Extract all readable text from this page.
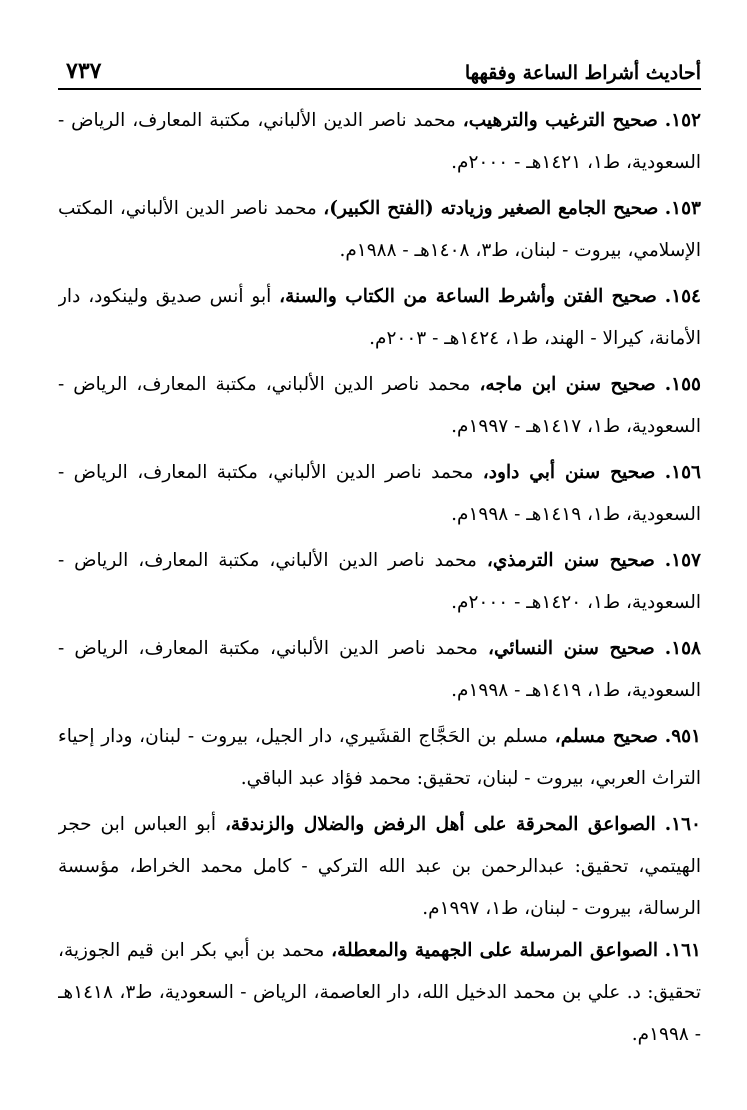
أحاديث أشراط الساعة وفقهها
٧٣٧
١٥٢. صحيح الترغيب والترهيب، محمد ناصر الدين الألباني، مكتبة المعارف، الرياض - السعودية، ط١، ١٤٢١هـ - ٢٠٠٠م.
١٥٣. صحيح الجامع الصغير وزيادته (الفتح الكبير)، محمد ناصر الدين الألباني، المكتب الإسلامي، بيروت - لبنان، ط٣، ١٤٠٨هـ - ١٩٨٨م.
١٥٤. صحيح الفتن وأشرط الساعة من الكتاب والسنة، أبو أنس صديق ولينكود، دار الأمانة، كيرالا - الهند، ط١، ١٤٢٤هـ - ٢٠٠٣م.
١٥٥. صحيح سنن ابن ماجه، محمد ناصر الدين الألباني، مكتبة المعارف، الرياض - السعودية، ط١، ١٤١٧هـ - ١٩٩٧م.
١٥٦. صحيح سنن أبي داود، محمد ناصر الدين الألباني، مكتبة المعارف، الرياض - السعودية، ط١، ١٤١٩هـ - ١٩٩٨م.
١٥٧. صحيح سنن الترمذي، محمد ناصر الدين الألباني، مكتبة المعارف، الرياض - السعودية، ط١، ١٤٢٠هـ - ٢٠٠٠م.
١٥٨. صحيح سنن النسائي، محمد ناصر الدين الألباني، مكتبة المعارف، الرياض - السعودية، ط١، ١٤١٩هـ - ١٩٩٨م.
٩٥١. صحيح مسلم، مسلم بن الحَجَّاج القشَيري، دار الجيل، بيروت - لبنان، ودار إحياء التراث العربي، بيروت - لبنان، تحقيق: محمد فؤاد عبد الباقي.
١٦٠. الصواعق المحرقة على أهل الرفض والضلال والزندقة، أبو العباس ابن حجر الهيتمي، تحقيق: عبدالرحمن بن عبد الله التركي - كامل محمد الخراط، مؤسسة الرسالة، بيروت - لبنان، ط١، ١٩٩٧م.
١٦١. الصواعق المرسلة على الجهمية والمعطلة، محمد بن أبي بكر ابن قيم الجوزية، تحقيق: د. علي بن محمد الدخيل الله، دار العاصمة، الرياض - السعودية، ط٣، ١٤١٨هـ - ١٩٩٨م.
